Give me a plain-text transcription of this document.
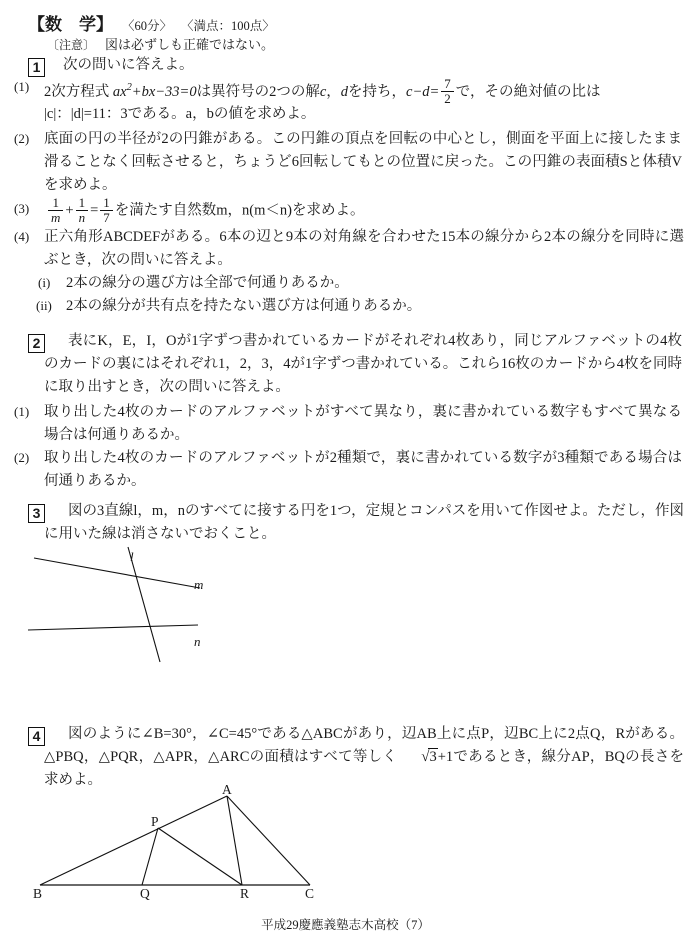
【数　学】 〈60分〉 〈満点：100点〉
〔注意〕 図は必ずしも正確ではない。
1 次の問いに答えよ。
(1) 2次方程式 $ax^2+bx-33=0$は異符号の2つの解c，dを持ち，$c-d= \frac{7}{2}$ で，その絶対値の比は
|c|：|d|=11：3である。a，bの値を求めよ。
(2) 底面の円の半径が2の円錐がある。この円錐の頂点を回転の中心とし，側面を平面上に接したまま滑ることなく回転させると，ちょうど6回転してもとの位置に戻った。この円錐の表面積Sと体積Vを求めよ。
$(3) \frac{1}{m} + \frac{1}{n} = \frac{1}{7}$ を満たす自然数m，n(m＜n)を求めよ。
(4) 正六角形ABCDEFがある。6本の辺と9本の対角線を合わせた15本の線分から2本の線分を同時に選ぶとき，次の問いに答えよ。
(i) 2本の線分の選び方は全部で何通りあるか。
(ii) 2本の線分が共有点を持たない選び方は何通りあるか。
2	表にK，E，I，Oが1字ずつ書かれているカードがそれぞれ4枚あり，同じアルファベットの4枚のカードの裏にはそれぞれ1，2，3，4が1字ずつ書かれている。これら16枚のカードから4枚を同時に取り出すとき，次の問いに答えよ。
(1) 取り出した4枚のカードのアルファベットがすべて異なり，裏に書かれている数字もすべて異なる場合は何通りあるか。
(2) 取り出した4枚のカードのアルファベットが2種類で，裏に書かれている数字が3種類である場合は何通りあるか。
3	図の3直線l，m，nのすべてに接する円を1つ，定規とコンパスを用いて作図せよ。ただし，作図に用いた線は消さないでおくこと。
l
m
n
4	図のように∠B=30°，∠C=45°である△ABCがあり，辺AB上に点P，辺BC上に2点Q，Rがある。△PBQ，△PQR，△APR，△ARCの面積はすべて等しく √3+1であるとき，線分AP，BQの長さを求めよ。
B	Q	R	C
A
P
平成29慶應義塾志木高校（7）
